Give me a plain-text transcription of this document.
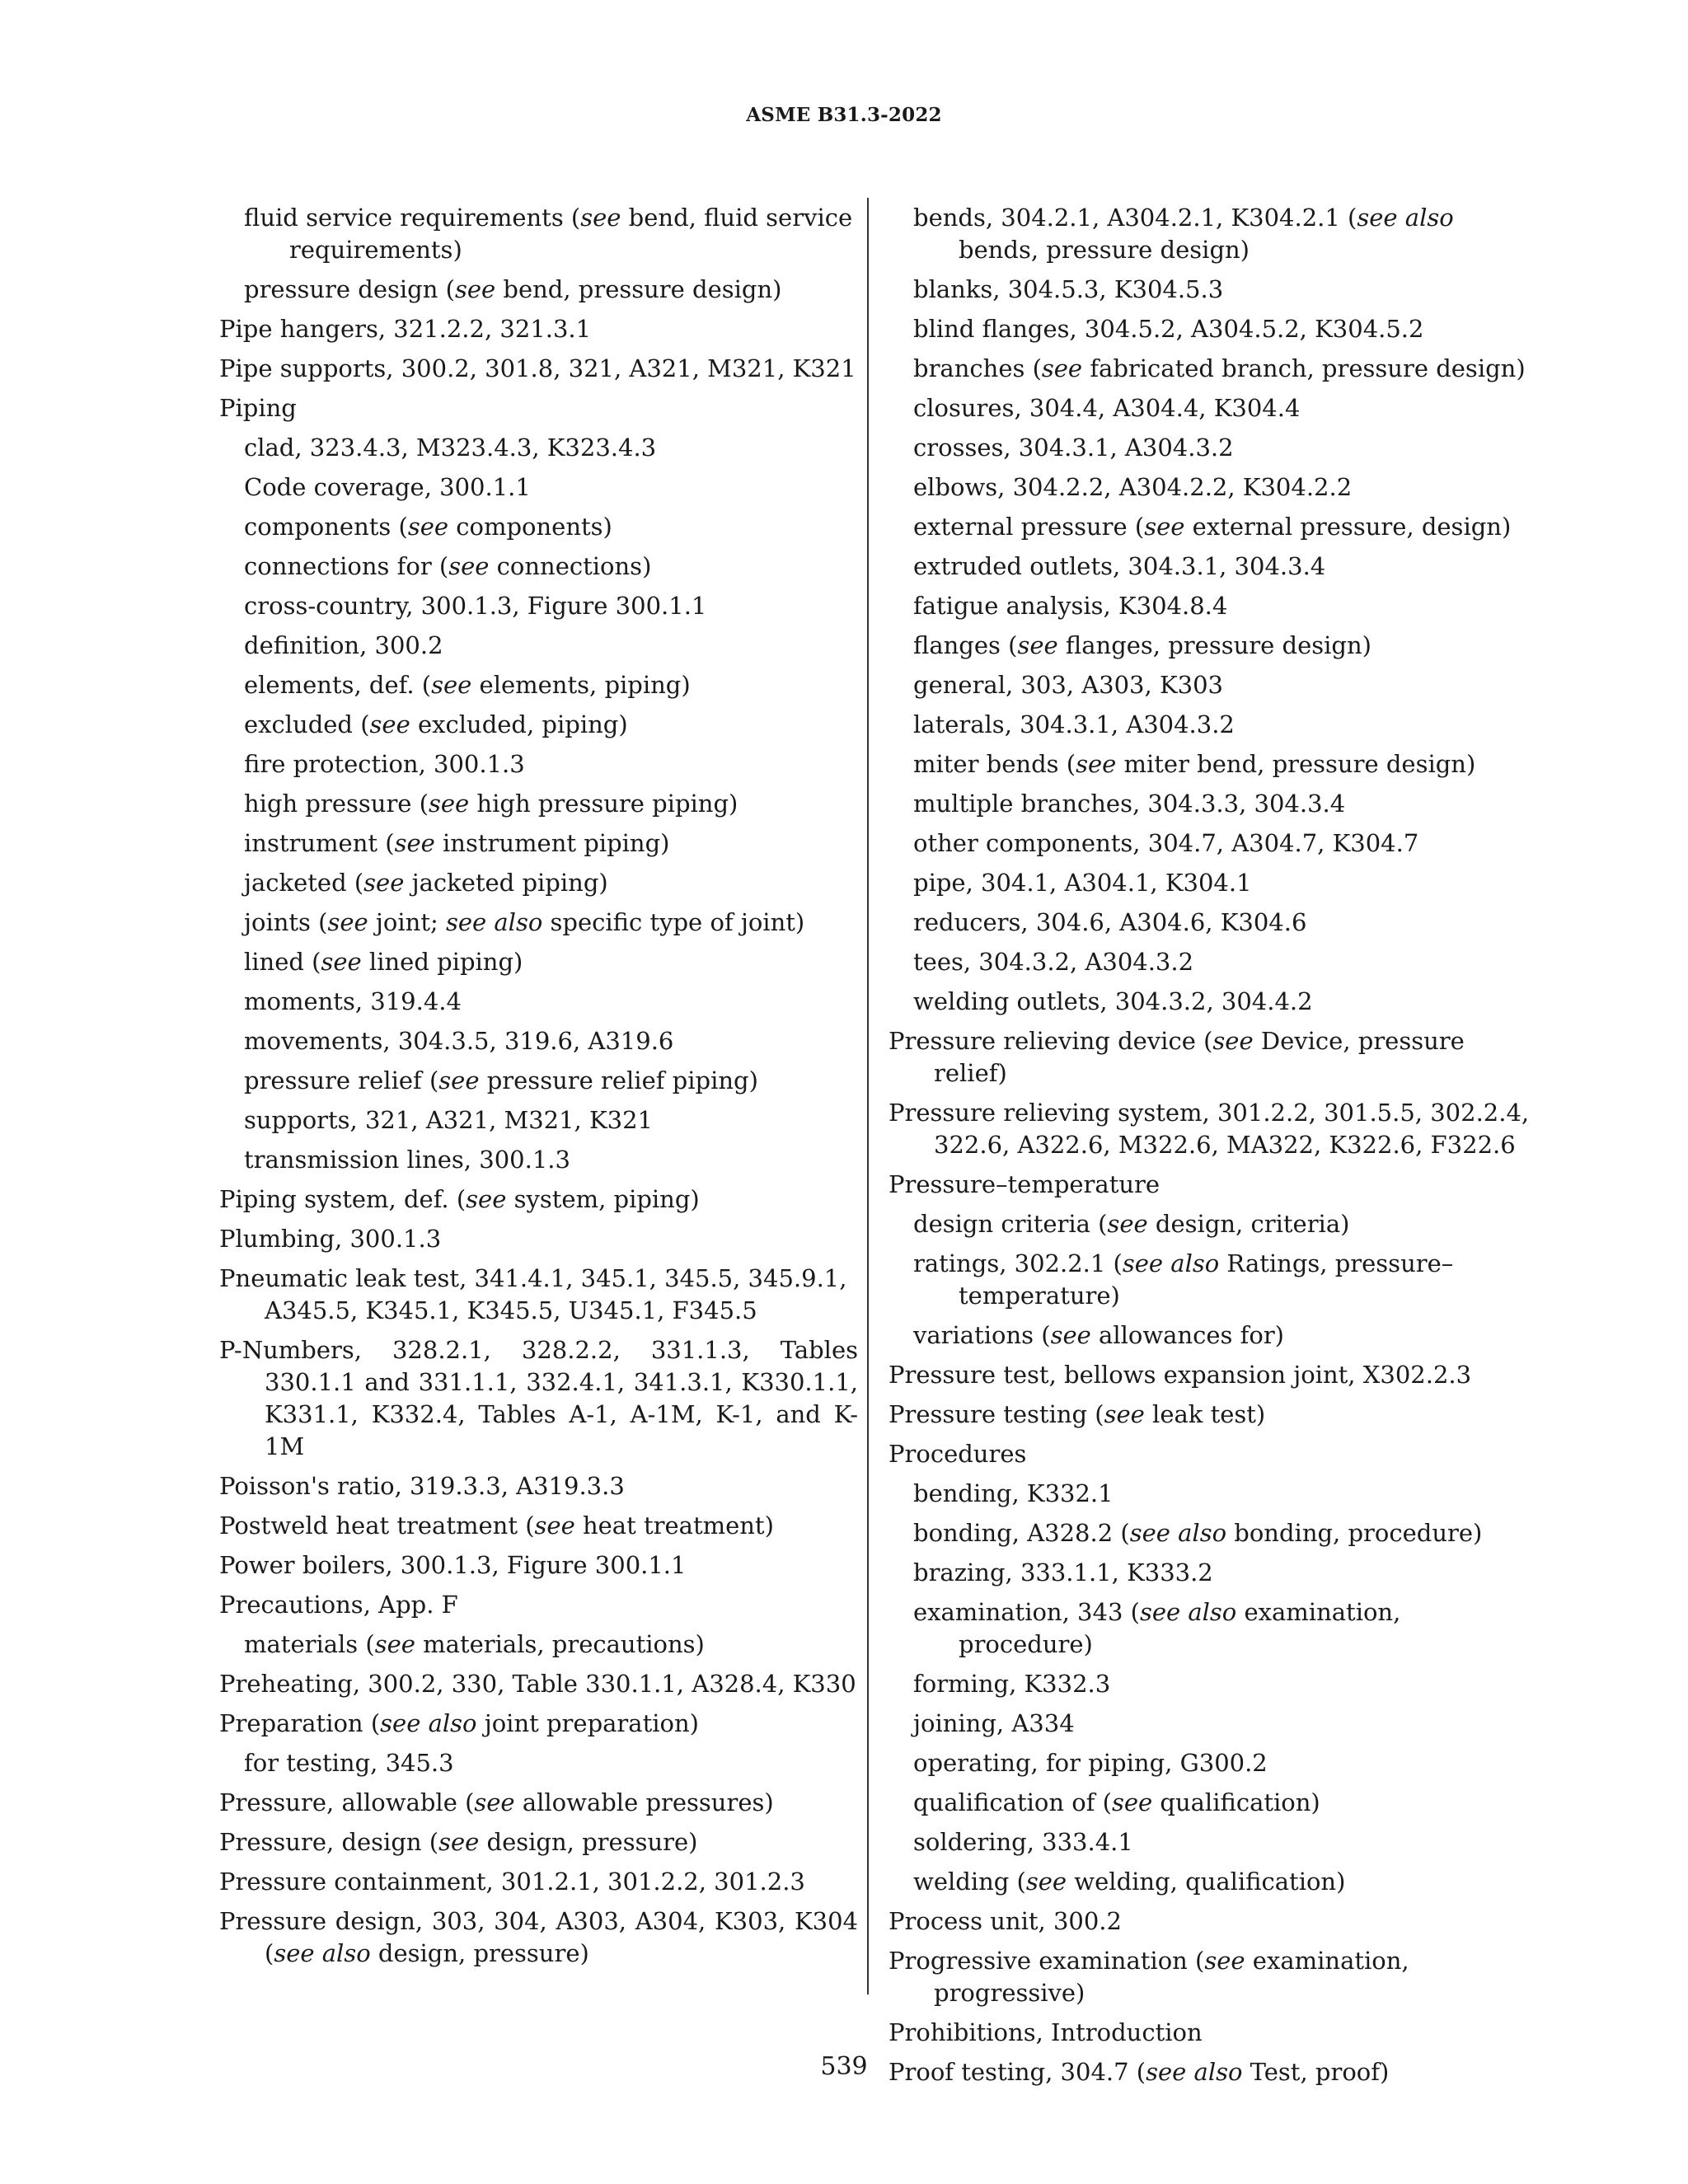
ASME B31.3-2022
fluid service requirements (see bend, fluid service requirements)
pressure design (see bend, pressure design)
Pipe hangers, 321.2.2, 321.3.1
Pipe supports, 300.2, 301.8, 321, A321, M321, K321
Piping
clad, 323.4.3, M323.4.3, K323.4.3
Code coverage, 300.1.1
components (see components)
connections for (see connections)
cross-country, 300.1.3, Figure 300.1.1
definition, 300.2
elements, def. (see elements, piping)
excluded (see excluded, piping)
fire protection, 300.1.3
high pressure (see high pressure piping)
instrument (see instrument piping)
jacketed (see jacketed piping)
joints (see joint; see also specific type of joint)
lined (see lined piping)
moments, 319.4.4
movements, 304.3.5, 319.6, A319.6
pressure relief (see pressure relief piping)
supports, 321, A321, M321, K321
transmission lines, 300.1.3
Piping system, def. (see system, piping)
Plumbing, 300.1.3
Pneumatic leak test, 341.4.1, 345.1, 345.5, 345.9.1, A345.5, K345.1, K345.5, U345.1, F345.5
P-Numbers, 328.2.1, 328.2.2, 331.1.3, Tables 330.1.1 and 331.1.1, 332.4.1, 341.3.1, K330.1.1, K331.1, K332.4, Tables A-1, A-1M, K-1, and K-1M
Poisson's ratio, 319.3.3, A319.3.3
Postweld heat treatment (see heat treatment)
Power boilers, 300.1.3, Figure 300.1.1
Precautions, App. F
materials (see materials, precautions)
Preheating, 300.2, 330, Table 330.1.1, A328.4, K330
Preparation (see also joint preparation)
for testing, 345.3
Pressure, allowable (see allowable pressures)
Pressure, design (see design, pressure)
Pressure containment, 301.2.1, 301.2.2, 301.2.3
Pressure design, 303, 304, A303, A304, K303, K304 (see also design, pressure)
bends, 304.2.1, A304.2.1, K304.2.1 (see also bends, pressure design)
blanks, 304.5.3, K304.5.3
blind flanges, 304.5.2, A304.5.2, K304.5.2
branches (see fabricated branch, pressure design)
closures, 304.4, A304.4, K304.4
crosses, 304.3.1, A304.3.2
elbows, 304.2.2, A304.2.2, K304.2.2
external pressure (see external pressure, design)
extruded outlets, 304.3.1, 304.3.4
fatigue analysis, K304.8.4
flanges (see flanges, pressure design)
general, 303, A303, K303
laterals, 304.3.1, A304.3.2
miter bends (see miter bend, pressure design)
multiple branches, 304.3.3, 304.3.4
other components, 304.7, A304.7, K304.7
pipe, 304.1, A304.1, K304.1
reducers, 304.6, A304.6, K304.6
tees, 304.3.2, A304.3.2
welding outlets, 304.3.2, 304.4.2
Pressure relieving device (see Device, pressure relief)
Pressure relieving system, 301.2.2, 301.5.5, 302.2.4, 322.6, A322.6, M322.6, MA322, K322.6, F322.6
Pressure–temperature
design criteria (see design, criteria)
ratings, 302.2.1 (see also Ratings, pressure–temperature)
variations (see allowances for)
Pressure test, bellows expansion joint, X302.2.3
Pressure testing (see leak test)
Procedures
bending, K332.1
bonding, A328.2 (see also bonding, procedure)
brazing, 333.1.1, K333.2
examination, 343 (see also examination, procedure)
forming, K332.3
joining, A334
operating, for piping, G300.2
qualification of (see qualification)
soldering, 333.4.1
welding (see welding, qualification)
Process unit, 300.2
Progressive examination (see examination, progressive)
Prohibitions, Introduction
Proof testing, 304.7 (see also Test, proof)
539
